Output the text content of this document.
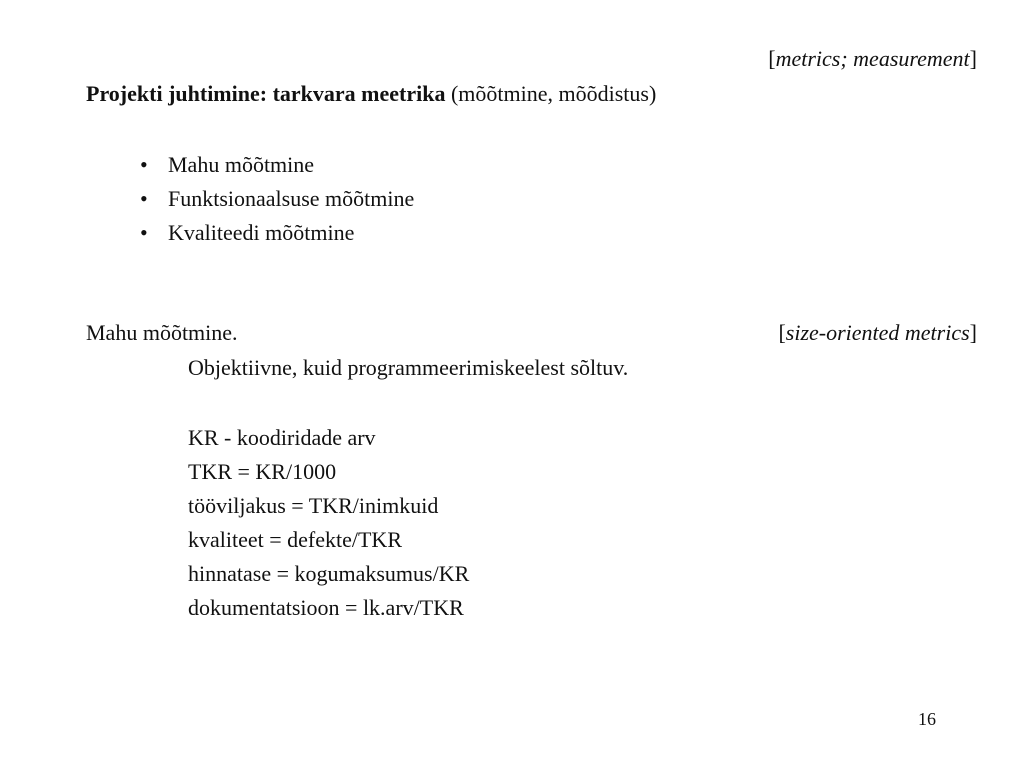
[metrics; measurement]
Projekti juhtimine: tarkvara meetrika (mõõtmine, mõõdistus)
• Mahu mõõtmine
• Funktsionaalsuse mõõtmine
• Kvaliteedi mõõtmine
Mahu mõõtmine.	[size-oriented metrics]
Objektiivne, kuid programmeerimiskeelest sõltuv.
KR - koodiridade arv
TKR = KR/1000
tööviljakus = TKR/inimkuid
kvaliteet = defekte/TKR
hinnatase = kogumaksumus/KR
dokumentatsioon = lk.arv/TKR
16
